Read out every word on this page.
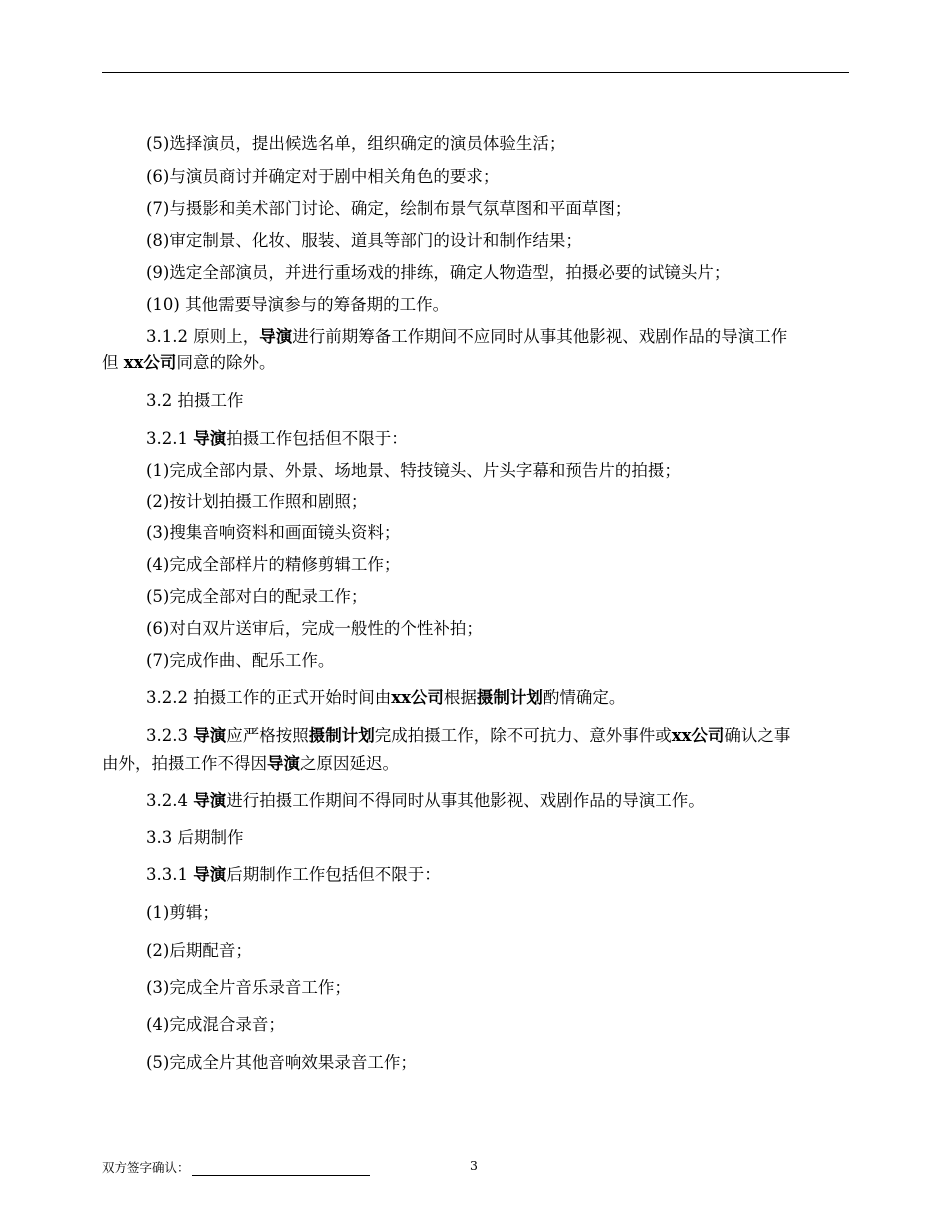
(5)选择演员，提出候选名单，组织确定的演员体验生活；
(6)与演员商讨并确定对于剧中相关角色的要求；
(7)与摄影和美术部门讨论、确定，绘制布景气氛草图和平面草图；
(8)审定制景、化妆、服装、道具等部门的设计和制作结果；
(9)选定全部演员，并进行重场戏的排练，确定人物造型，拍摄必要的试镜头片；
(10) 其他需要导演参与的筹备期的工作。
3.1.2 原则上，导演进行前期筹备工作期间不应同时从事其他影视、戏剧作品的导演工作
但 xx公司同意的除外。
3.2 拍摄工作
3.2.1 导演拍摄工作包括但不限于：
(1)完成全部内景、外景、场地景、特技镜头、片头字幕和预告片的拍摄；
(2)按计划拍摄工作照和剧照；
(3)搜集音响资料和画面镜头资料；
(4)完成全部样片的精修剪辑工作；
(5)完成全部对白的配录工作；
(6)对白双片送审后，完成一般性的个性补拍；
(7)完成作曲、配乐工作。
3.2.2 拍摄工作的正式开始时间由xx公司根据摄制计划酌情确定。
3.2.3 导演应严格按照摄制计划完成拍摄工作，除不可抗力、意外事件或xx公司确认之事
由外，拍摄工作不得因导演之原因延迟。
3.2.4 导演进行拍摄工作期间不得同时从事其他影视、戏剧作品的导演工作。
3.3 后期制作
3.3.1 导演后期制作工作包括但不限于：
(1)剪辑；
(2)后期配音；
(3)完成全片音乐录音工作；
(4)完成混合录音；
(5)完成全片其他音响效果录音工作；
双方签字确认：	3
